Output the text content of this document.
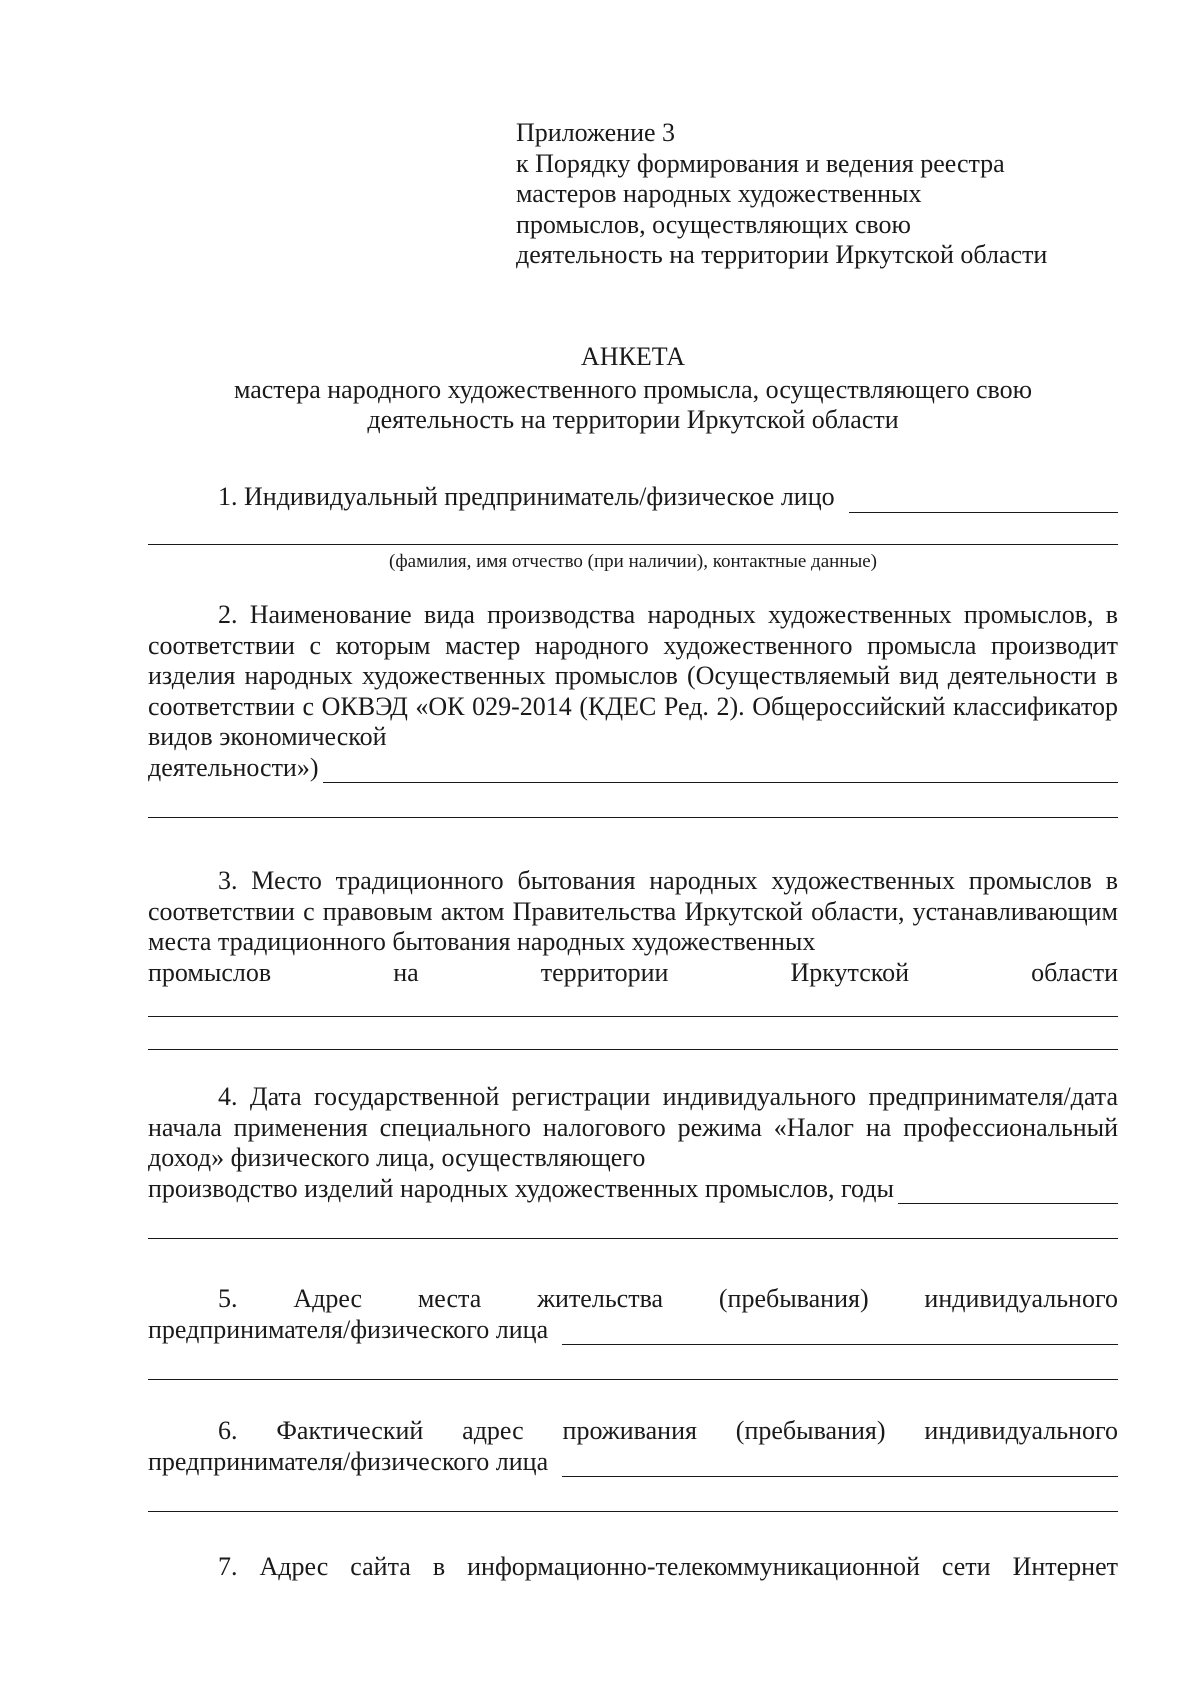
Приложение 3
к Порядку формирования и ведения реестра
мастеров народных художественных
промыслов, осуществляющих свою
деятельность на территории Иркутской области
АНКЕТА
мастера народного художественного промысла, осуществляющего свою
деятельность на территории Иркутской области
1. Индивидуальный предприниматель/физическое лицо
(фамилия, имя отчество (при наличии), контактные данные)
2. Наименование вида производства народных художественных промыслов, в соответствии с которым мастер народного художественного промысла производит изделия народных художественных промыслов (Осуществляемый вид деятельности в соответствии с ОКВЭД «ОК 029-2014 (КДЕС Ред. 2). Общероссийский классификатор видов экономической
деятельности»)
3. Место традиционного бытования народных художественных промыслов в соответствии с правовым актом Правительства Иркутской области, устанавливающим места традиционного бытования народных художественных
промыслов на территории Иркутской области
4. Дата государственной регистрации индивидуального предпринимателя/дата начала применения специального налогового режима «Налог на профессиональный доход» физического лица, осуществляющего
производство изделий народных художественных промыслов, годы
5. Адрес места жительства (пребывания) индивидуального
предпринимателя/физического лица
6. Фактический адрес проживания (пребывания) индивидуального
предпринимателя/физического лица
7. Адрес сайта в информационно-телекоммуникационной сети Интернет
